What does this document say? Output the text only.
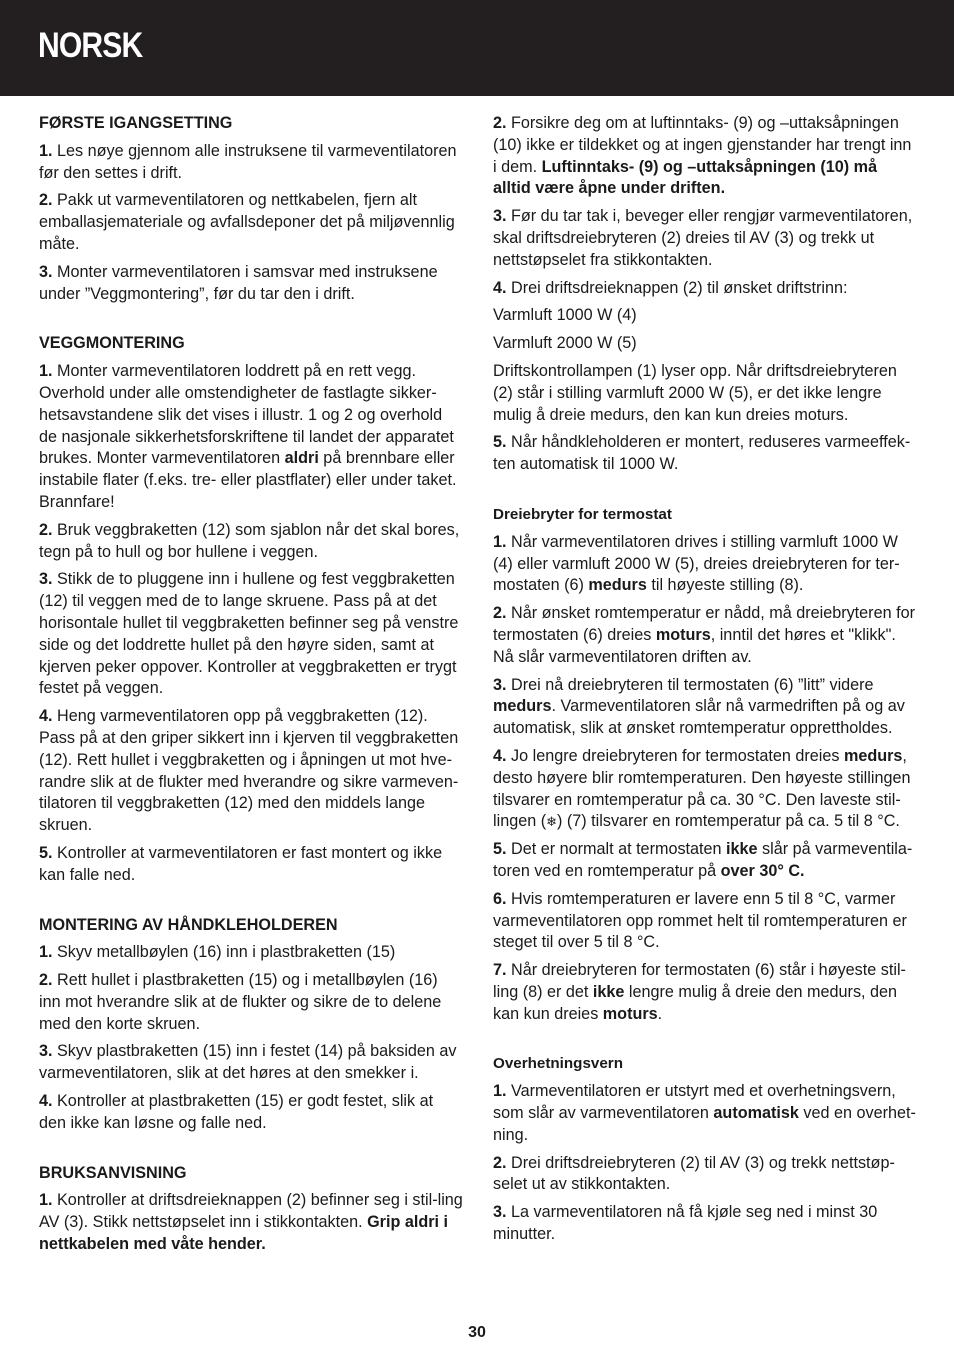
NORSK
FØRSTE IGANGSETTING

1. Les nøye gjennom alle instruksene til varmeventilatoren før den settes i drift.

2. Pakk ut varmeventilatoren og nettkabelen, fjern alt emballasjemateriale og avfallsdeponer det på miljøvennlig måte.

3. Monter varmeventilatoren i samsvar med instruksene under ”Veggmontering”, før du tar den i drift.

VEGGMONTERING

1. Monter varmeventilatoren loddrett på en rett vegg. Overhold under alle omstendigheter de fastlagte sikker-hetsavstandene slik det vises i illustr. 1 og 2 og overhold de nasjonale sikkerhetsforskriftene til landet der apparatet brukes. Monter varmeventilatoren aldri på brennbare eller instabile flater (f.eks. tre- eller plastflater) eller under taket. Brannfare!

2. Bruk veggbraketten (12) som sjablon når det skal bores, tegn på to hull og bor hullene i veggen.

3. Stikk de to pluggene inn i hullene og fest veggbraketten (12) til veggen med de to lange skruene. Pass på at det horisontale hullet til veggbraketten befinner seg på venstre side og det loddrette hullet på den høyre siden, samt at kjerven peker oppover. Kontroller at veggbraketten er trygt festet på veggen.

4. Heng varmeventilatoren opp på veggbraketten (12). Pass på at den griper sikkert inn i kjerven til veggbraketten (12). Rett hullet i veggbraketten og i åpningen ut mot hve-randre slik at de flukter med hverandre og sikre varmeven-tilatoren til veggbraketten (12) med den middels lange skruen.

5. Kontroller at varmeventilatoren er fast montert og ikke kan falle ned.

MONTERING AV HÅNDKLEHOLDEREN

1. Skyv metallbøylen (16) inn i plastbraketten (15)

2. Rett hullet i plastbraketten (15) og i metallbøylen (16) inn mot hverandre slik at de flukter og sikre de to delene med den korte skruen.

3. Skyv plastbraketten (15) inn i festet (14) på baksiden av varmeventilatoren, slik at det høres at den smekker i.

4. Kontroller at plastbraketten (15) er godt festet, slik at den ikke kan løsne og falle ned.

BRUKSANVISNING

1. Kontroller at driftsdreieknappen (2) befinner seg i stil-ling AV (3). Stikk nettstøpselet inn i stikkontakten. Grip aldri i nettkabelen med våte hender.

2. Forsikre deg om at luftinntaks- (9) og –uttaksåpningen (10) ikke er tildekket og at ingen gjenstander har trengt inn i dem. Luftinntaks- (9) og –uttaksåpningen (10) må alltid være åpne under driften.

3. Før du tar tak i, beveger eller rengjør varmeventilatoren, skal driftsdreiebryteren (2) dreies til AV (3) og trekk ut nettstøpselet fra stikkontakten.

4. Drei driftsdreieknappen (2) til ønsket driftstrinn:

Varmluft 1000 W (4)

Varmluft 2000 W (5)

Driftskontrollampen (1) lyser opp. Når driftsdreiebryteren (2) står i stilling varmluft 2000 W (5), er det ikke lengre mulig å dreie medurs, den kan kun dreies moturs.

5. Når håndkleholderen er montert, reduseres varmeeffek-ten automatisk til 1000 W.

Dreiebryter for termostat

1. Når varmeventilatoren drives i stilling varmluft 1000 W (4) eller varmluft 2000 W (5), dreies dreiebryteren for ter-mostaten (6) medurs til høyeste stilling (8).

2. Når ønsket romtemperatur er nådd, må dreiebryteren for termostaten (6) dreies moturs, inntil det høres et "klikk". Nå slår varmeventilatoren driften av.

3. Drei nå dreiebryteren til termostaten (6) ”litt” videre medurs. Varmeventilatoren slår nå varmedriften på og av automatisk, slik at ønsket romtemperatur opprettholdes.

4. Jo lengre dreiebryteren for termostaten dreies medurs, desto høyere blir romtemperaturen. Den høyeste stillingen tilsvarer en romtemperatur på ca. 30 °C. Den laveste stil-lingen (❄) (7) tilsvarer en romtemperatur på ca. 5 til 8 °C.

5. Det er normalt at termostaten ikke slår på varmeventila-toren ved en romtemperatur på over 30° C.

6. Hvis romtemperaturen er lavere enn 5 til 8 °C, varmer varmeventilatoren opp rommet helt til romtemperaturen er steget til over 5 til 8 °C.

7. Når dreiebryteren for termostaten (6) står i høyeste stil-ling (8) er det ikke lengre mulig å dreie den medurs, den kan kun dreies moturs.

Overhetningsvern

1. Varmeventilatoren er utstyrt med et overhetningsvern, som slår av varmeventilatoren automatisk ved en overhet-ning.

2. Drei driftsdreiebryteren (2) til AV (3) og trekk nettstøp-selet ut av stikkontakten.

3. La varmeventilatoren nå få kjøle seg ned i minst 30 minutter.

30
